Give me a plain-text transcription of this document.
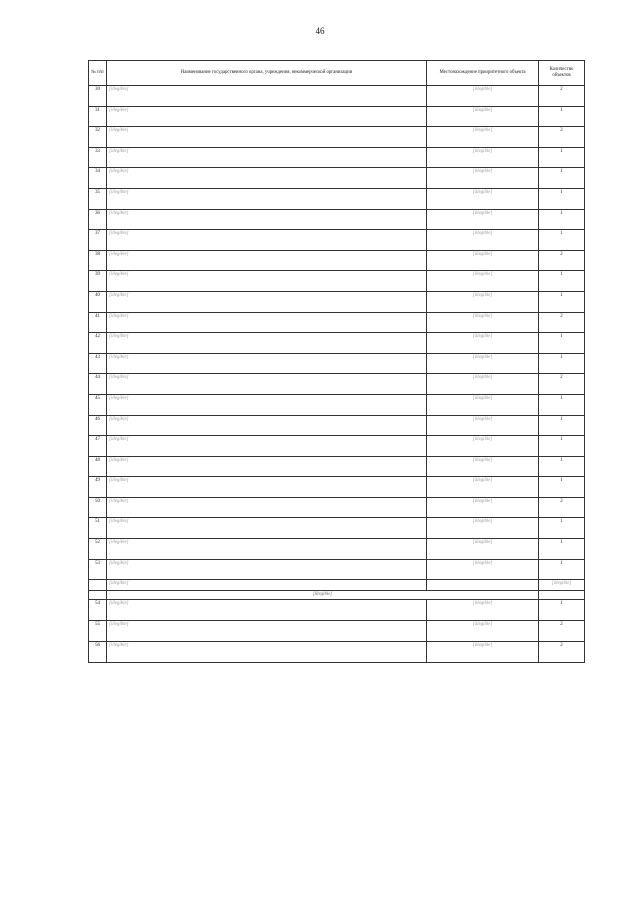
46
№ п/п	Наименование государственного органа, учреждения, некоммерческой организации	Местонахождение приоритетного объекта	Количество объектов
30	[illegible]	[illegible]	2
31	[illegible]	[illegible]	1
32	[illegible]	[illegible]	2
33	[illegible]	[illegible]	1
34	[illegible]	[illegible]	1
35	[illegible]	[illegible]	1
36	[illegible]	[illegible]	1
37	[illegible]	[illegible]	1
38	[illegible]	[illegible]	2
39	[illegible]	[illegible]	1
40	[illegible]	[illegible]	1
41	[illegible]	[illegible]	2
42	[illegible]	[illegible]	1
43	[illegible]	[illegible]	1
44	[illegible]	[illegible]	2
45	[illegible]	[illegible]	1
46	[illegible]	[illegible]	1
47	[illegible]	[illegible]	1
48	[illegible]	[illegible]	1
49	[illegible]	[illegible]	1
50	[illegible]	[illegible]	2
51	[illegible]	[illegible]	1
52	[illegible]	[illegible]	1
53	[illegible]	[illegible]	1
	[illegible]		[illegible]
	[illegible]		
54	[illegible]	[illegible]	1
55	[illegible]	[illegible]	2
56	[illegible]	[illegible]	2
